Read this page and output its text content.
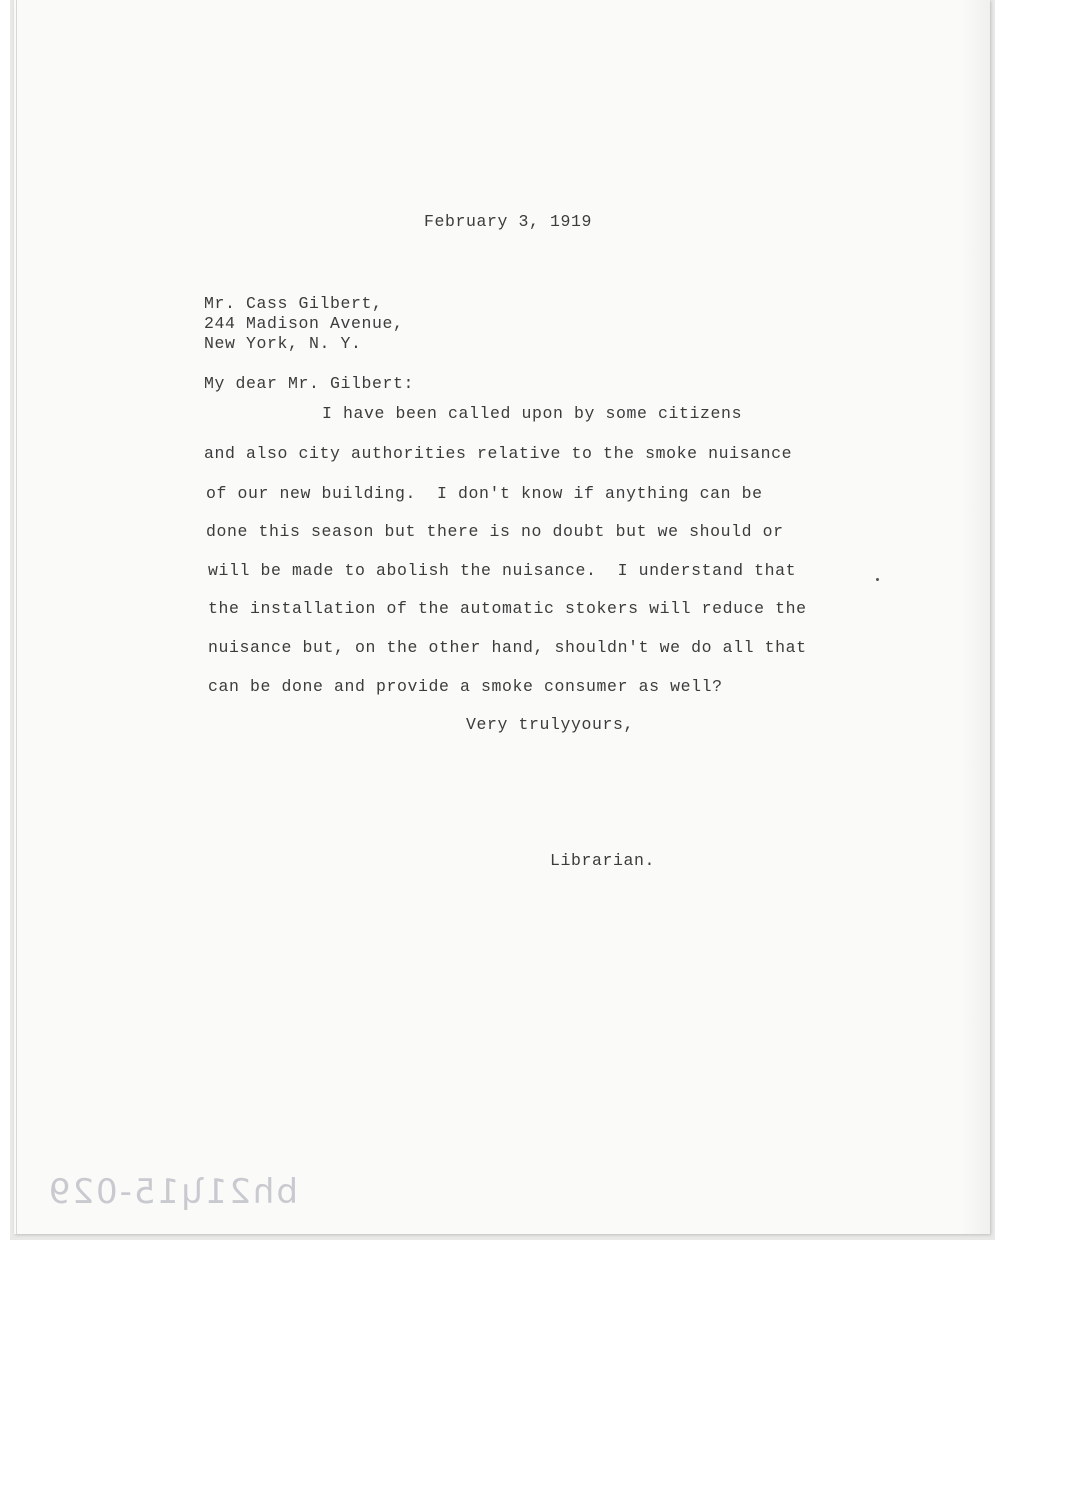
February 3, 1919
Mr. Cass Gilbert,
244 Madison Avenue,
New York, N. Y.
My dear Mr. Gilbert:
I have been called upon by some citizens
and also city authorities relative to the smoke nuisance
of our new building.  I don't know if anything can be
done this season but there is no doubt but we should or
will be made to abolish the nuisance.  I understand that
the installation of the automatic stokers will reduce the
nuisance but, on the other hand, shouldn't we do all that
can be done and provide a smoke consumer as well?
Very trulyyours,
Librarian.
bh21ʮ15-029
